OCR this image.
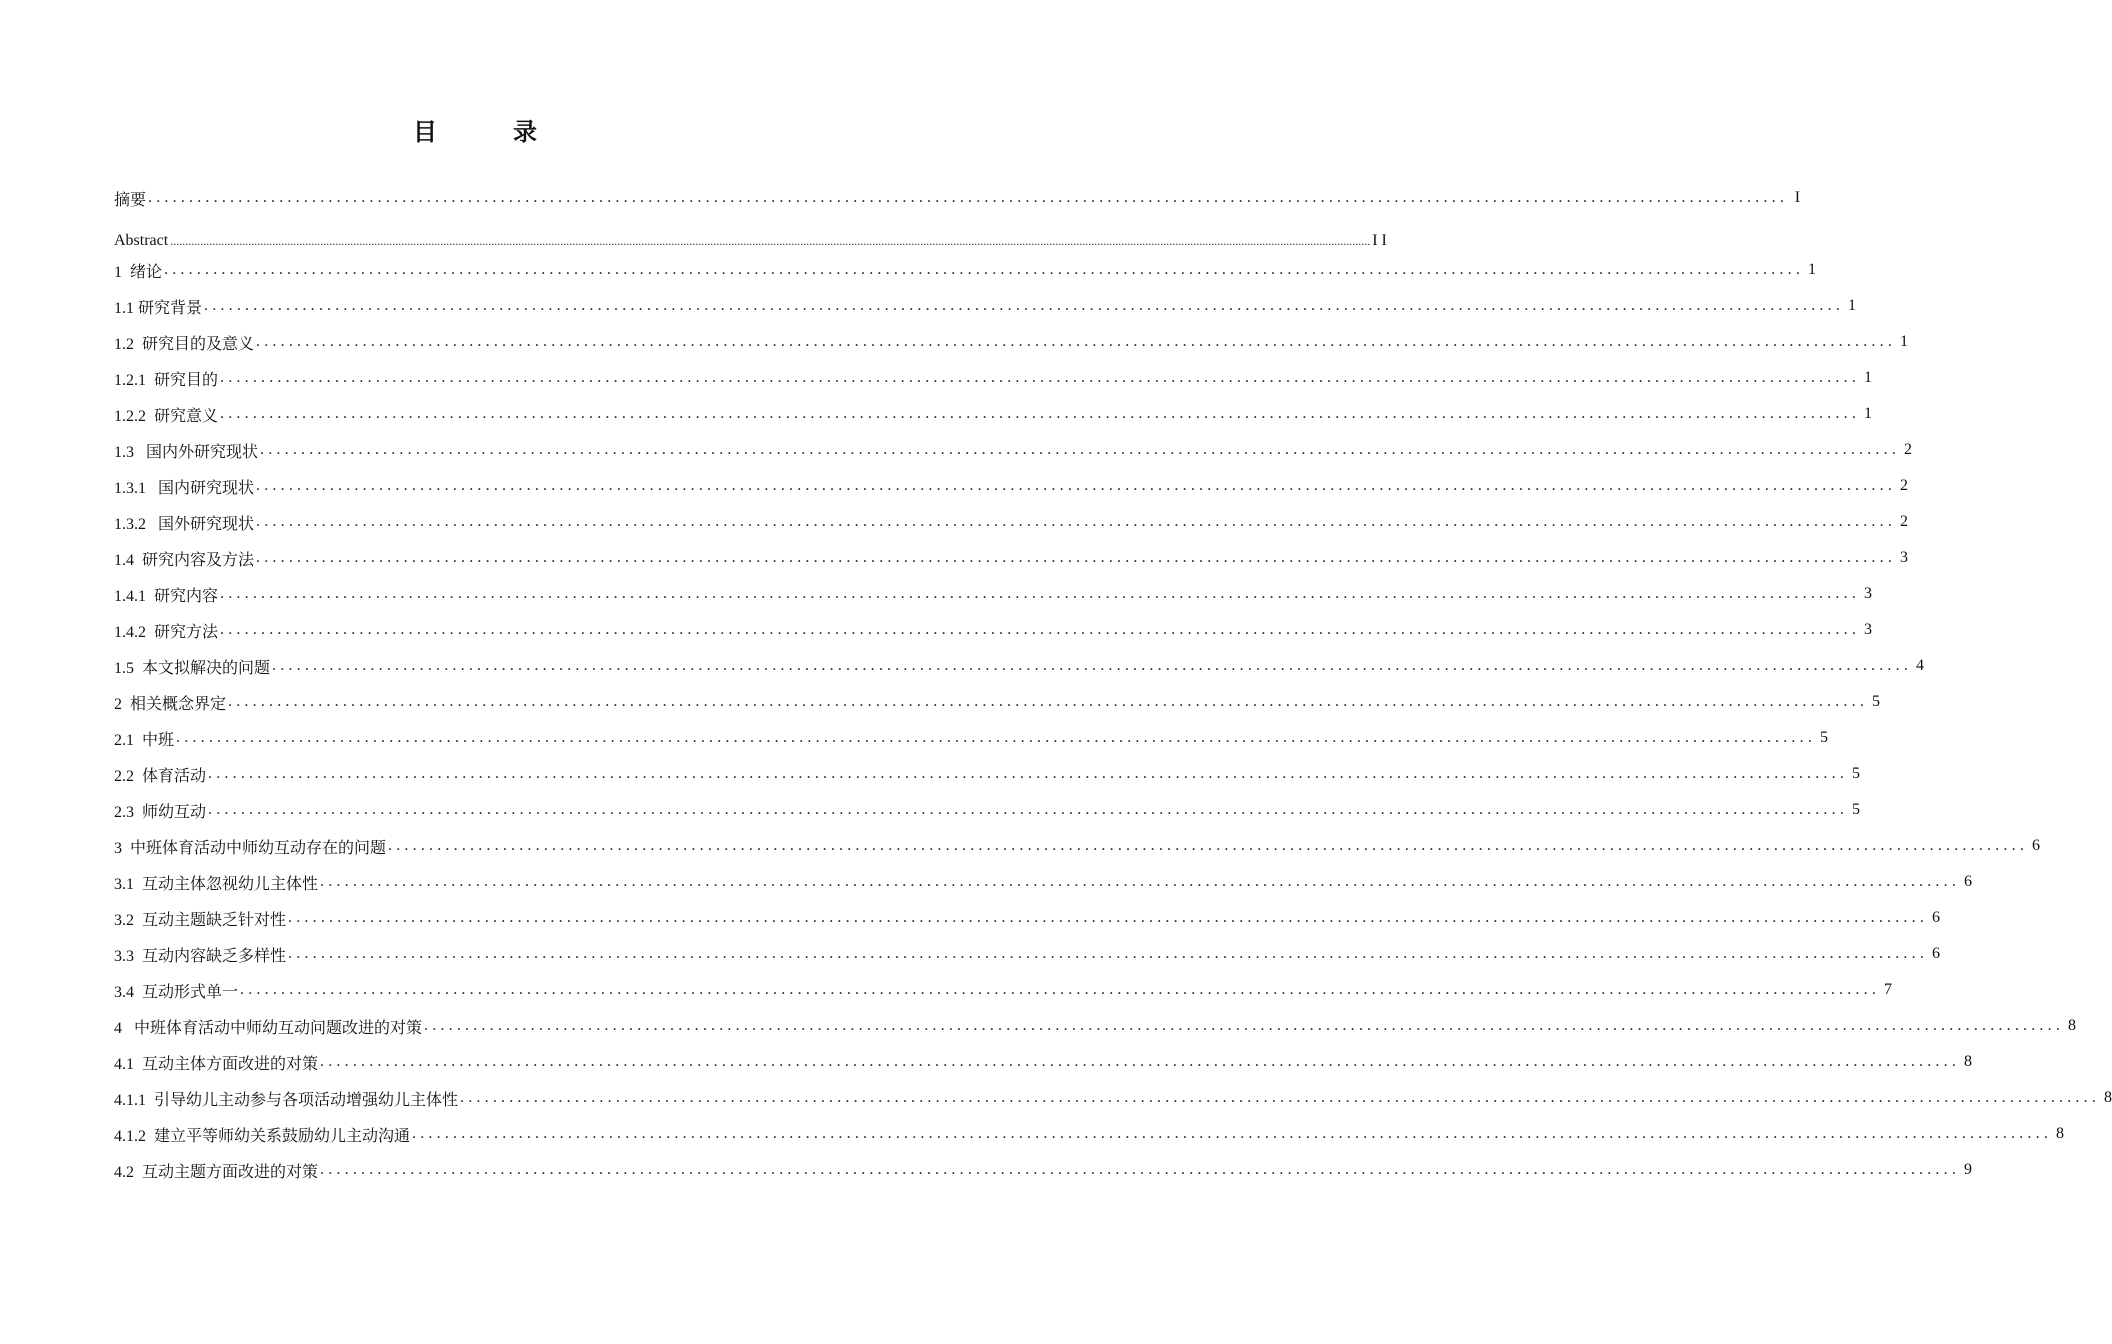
目　录
摘要 ........................................................................................................................................................................................................ I
Abstract ................................................................................................................................................................................................................................................................................................................................................................................................................ I I
1  绪论 ........................................................................................................................................................................................................ 1
1.1 研究背景 ........................................................................................................................................................................................................ 1
1.2  研究目的及意义 ........................................................................................................................................................................................................ 1
1.2.1  研究目的 ........................................................................................................................................................................................................ 1
1.2.2  研究意义 ........................................................................................................................................................................................................ 1
1.3   国内外研究现状 ........................................................................................................................................................................................................ 2
1.3.1   国内研究现状 ........................................................................................................................................................................................................ 2
1.3.2   国外研究现状 ........................................................................................................................................................................................................ 2
1.4  研究内容及方法 ........................................................................................................................................................................................................ 3
1.4.1  研究内容 ........................................................................................................................................................................................................ 3
1.4.2  研究方法 ........................................................................................................................................................................................................ 3
1.5  本文拟解决的问题 ........................................................................................................................................................................................................ 4
2  相关概念界定 ........................................................................................................................................................................................................ 5
2.1  中班 ........................................................................................................................................................................................................ 5
2.2  体育活动 ........................................................................................................................................................................................................ 5
2.3  师幼互动 ........................................................................................................................................................................................................ 5
3  中班体育活动中师幼互动存在的问题 ........................................................................................................................................................................................................ 6
3.1  互动主体忽视幼儿主体性 ........................................................................................................................................................................................................ 6
3.2  互动主题缺乏针对性 ........................................................................................................................................................................................................ 6
3.3  互动内容缺乏多样性 ........................................................................................................................................................................................................ 6
3.4  互动形式单一 ........................................................................................................................................................................................................ 7
4   中班体育活动中师幼互动问题改进的对策 ........................................................................................................................................................................................................ 8
4.1  互动主体方面改进的对策 ........................................................................................................................................................................................................ 8
4.1.1  引导幼儿主动参与各项活动增强幼儿主体性 ........................................................................................................................................................................................................ 8
4.1.2  建立平等师幼关系鼓励幼儿主动沟通 ........................................................................................................................................................................................................ 8
4.2  互动主题方面改进的对策 ........................................................................................................................................................................................................ 9
